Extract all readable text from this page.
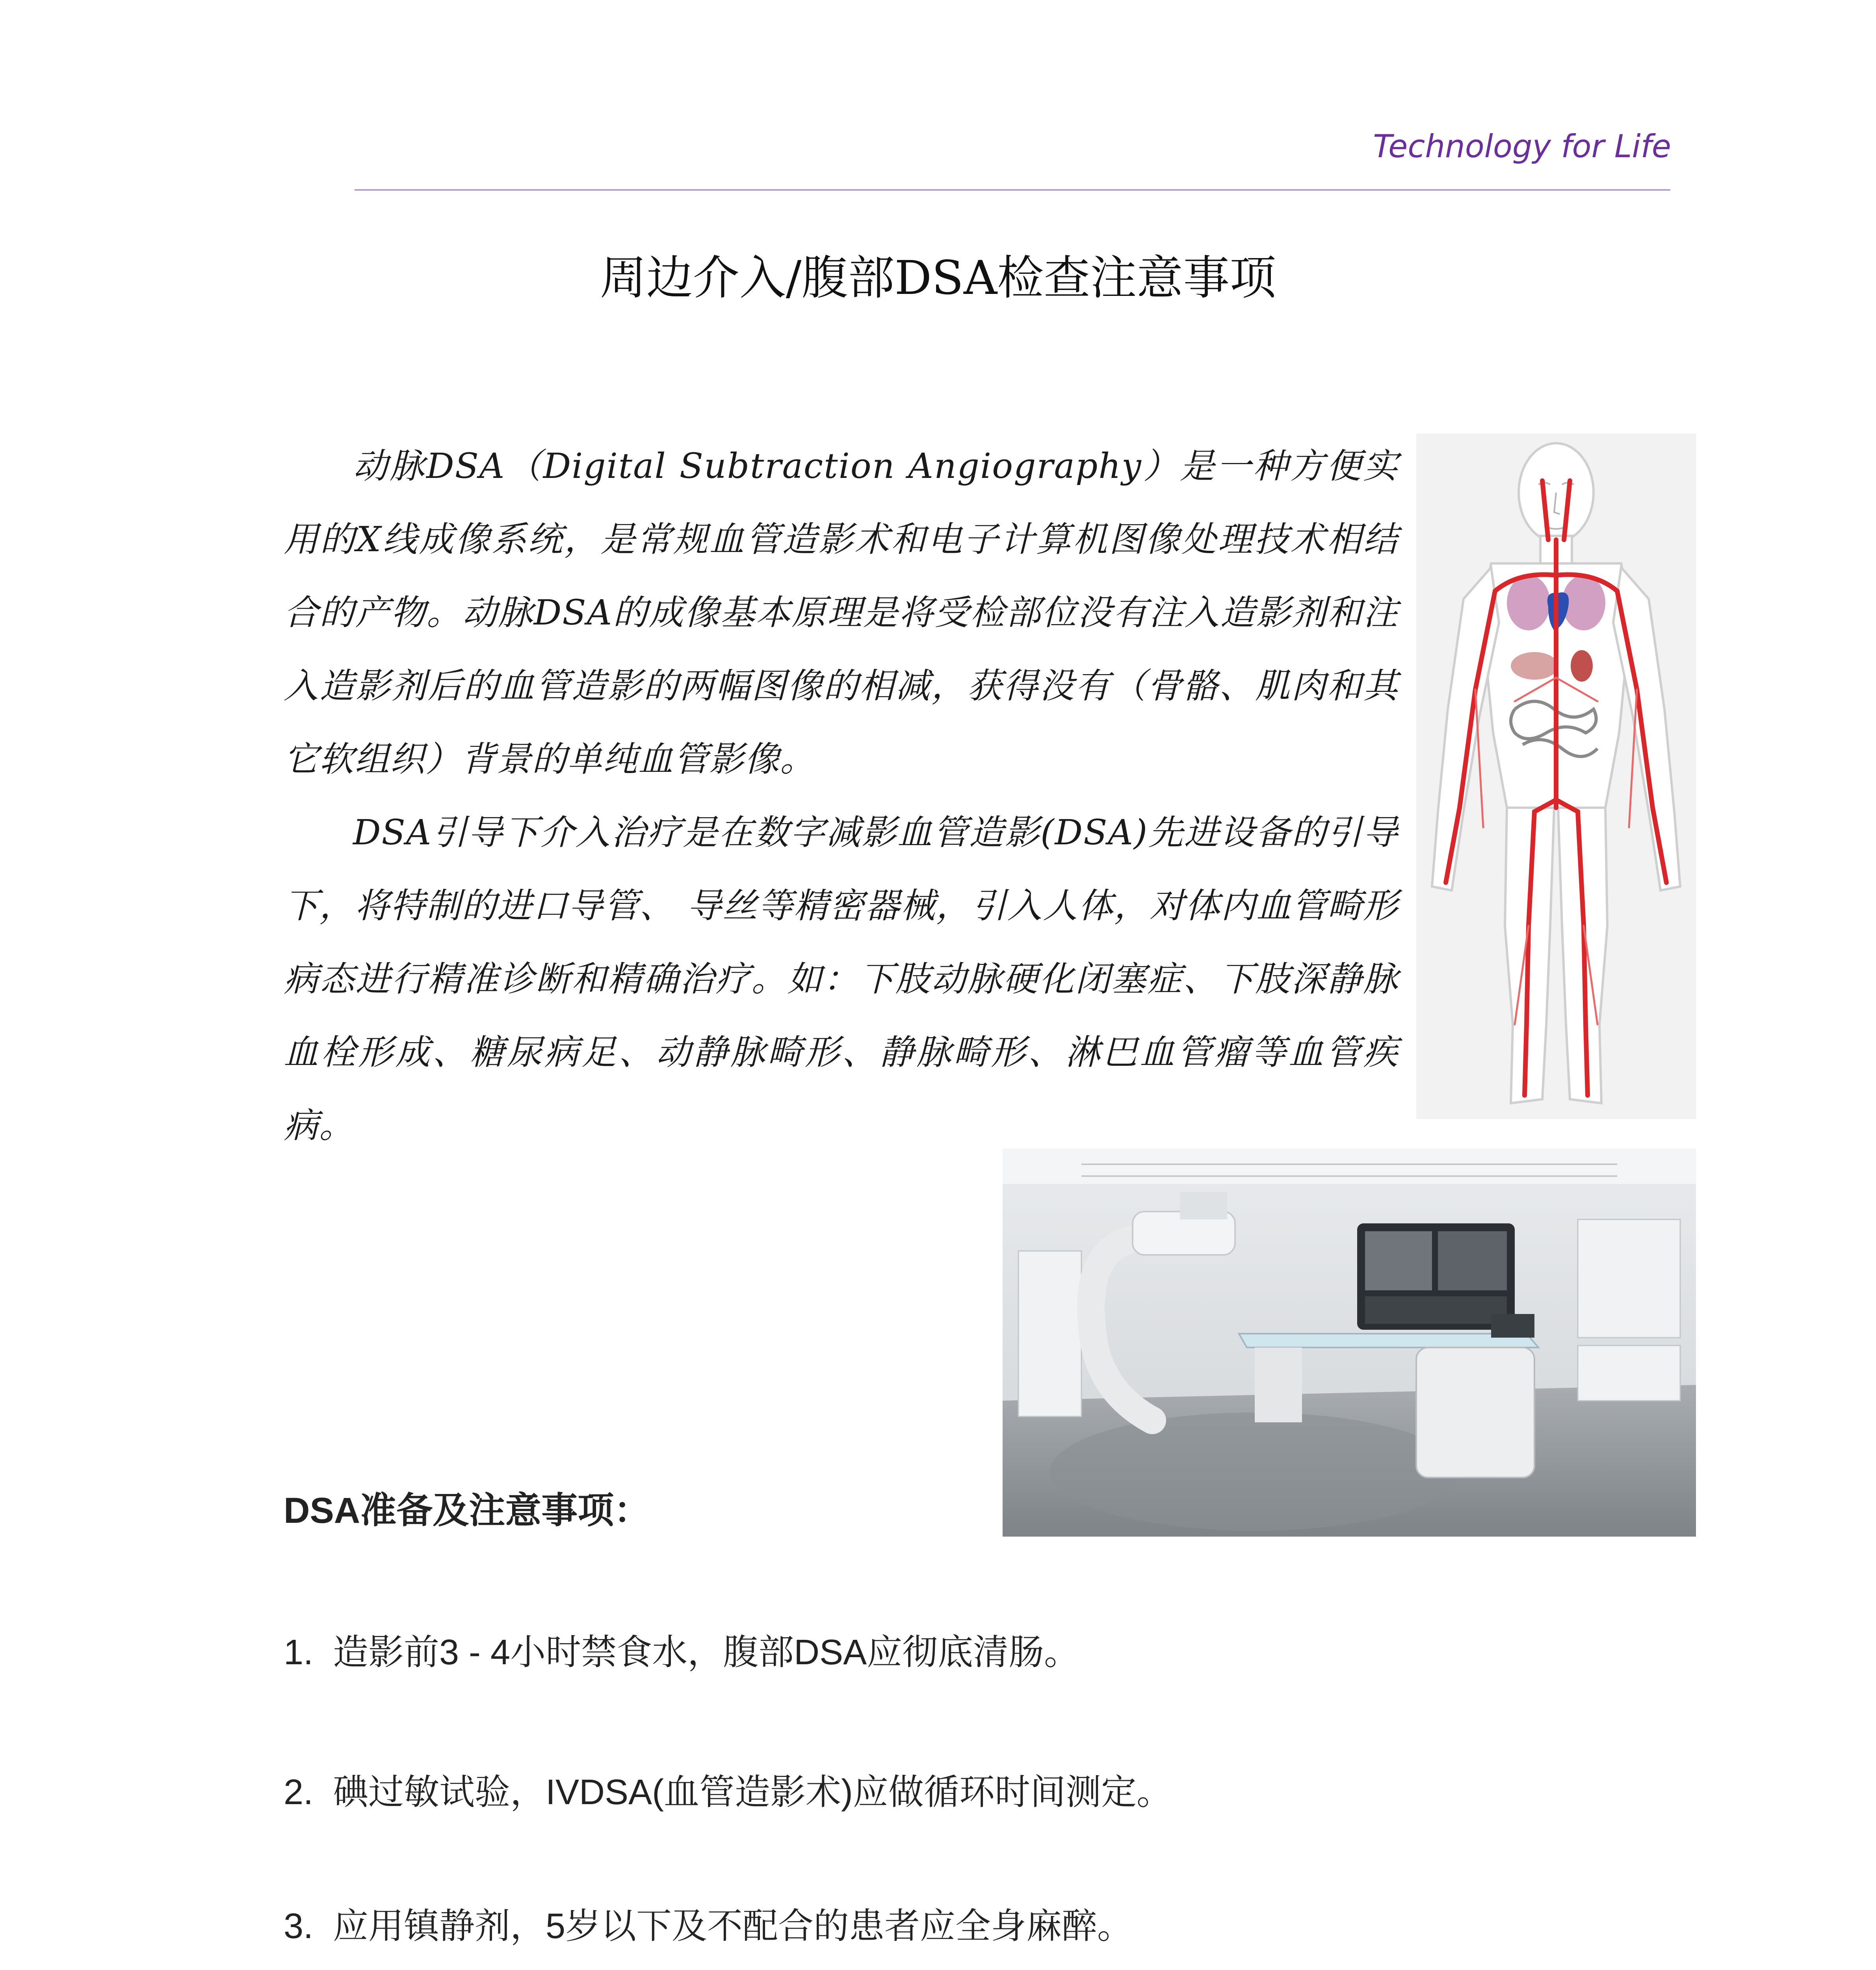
Technology for Life
周边介入/腹部DSA检查注意事项

动脉DSA（Digital Subtraction Angiography）是一种方便实用的X线成像系统，是常规血管造影术和电子计算机图像处理技术相结合的产物。动脉DSA的成像基本原理是将受检部位没有注入造影剂和注入造影剂后的血管造影的两幅图像的相减，获得没有（骨骼、肌肉和其它软组织）背景的单纯血管影像。

DSA引导下介入治疗是在数字减影血管造影(DSA)先进设备的引导下，将特制的进口导管、 导丝等精密器械，引入人体，对体内血管畸形病态进行精准诊断和精确治疗。如：下肢动脉硬化闭塞症、下肢深静脉血栓形成、糖尿病足、动静脉畸形、静脉畸形、淋巴血管瘤等血管疾病。

DSA准备及注意事项：
1. 造影前3 - 4小时禁食水，腹部DSA应彻底清肠。
2. 碘过敏试验，IVDSA(血管造影术)应做循环时间测定。
3. 应用镇静剂，5岁以下及不配合的患者应全身麻醉。
